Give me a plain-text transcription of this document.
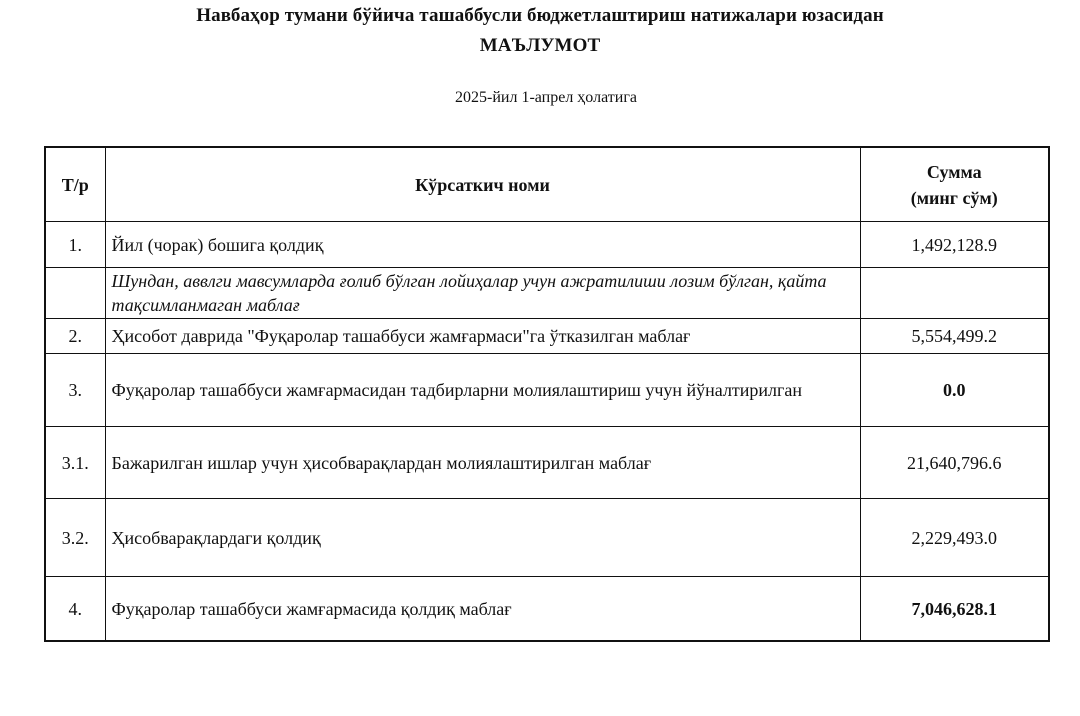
Навбаҳор тумани бўйича ташаббусли бюджетлаштириш натижалари юзасидан
МАЪЛУМОТ
2025-йил 1-апрел ҳолатига
Т/р	Кўрсаткич номи	Сумма
(минг сўм)
1.	Йил (чорак) бошига қолдиқ	1,492,128.9
	Шундан, аввлги мавсумларда ғолиб бўлган лойиҳалар учун ажратилиши лозим бўлган, қайта тақсимланмаган маблағ	
2.	Ҳисобот даврида "Фуқаролар ташаббуси жамғармаси"га ўтказилган маблағ	5,554,499.2
3.	Фуқаролар ташаббуси жамғармасидан тадбирларни молиялаштириш учун йўналтирилган	0.0
3.1.	Бажарилган ишлар учун ҳисобварақлардан молиялаштирилган маблағ	21,640,796.6
3.2.	Ҳисобварақлардаги қолдиқ	2,229,493.0
4.	Фуқаролар ташаббуси жамғармасида қолдиқ маблағ	7,046,628.1
